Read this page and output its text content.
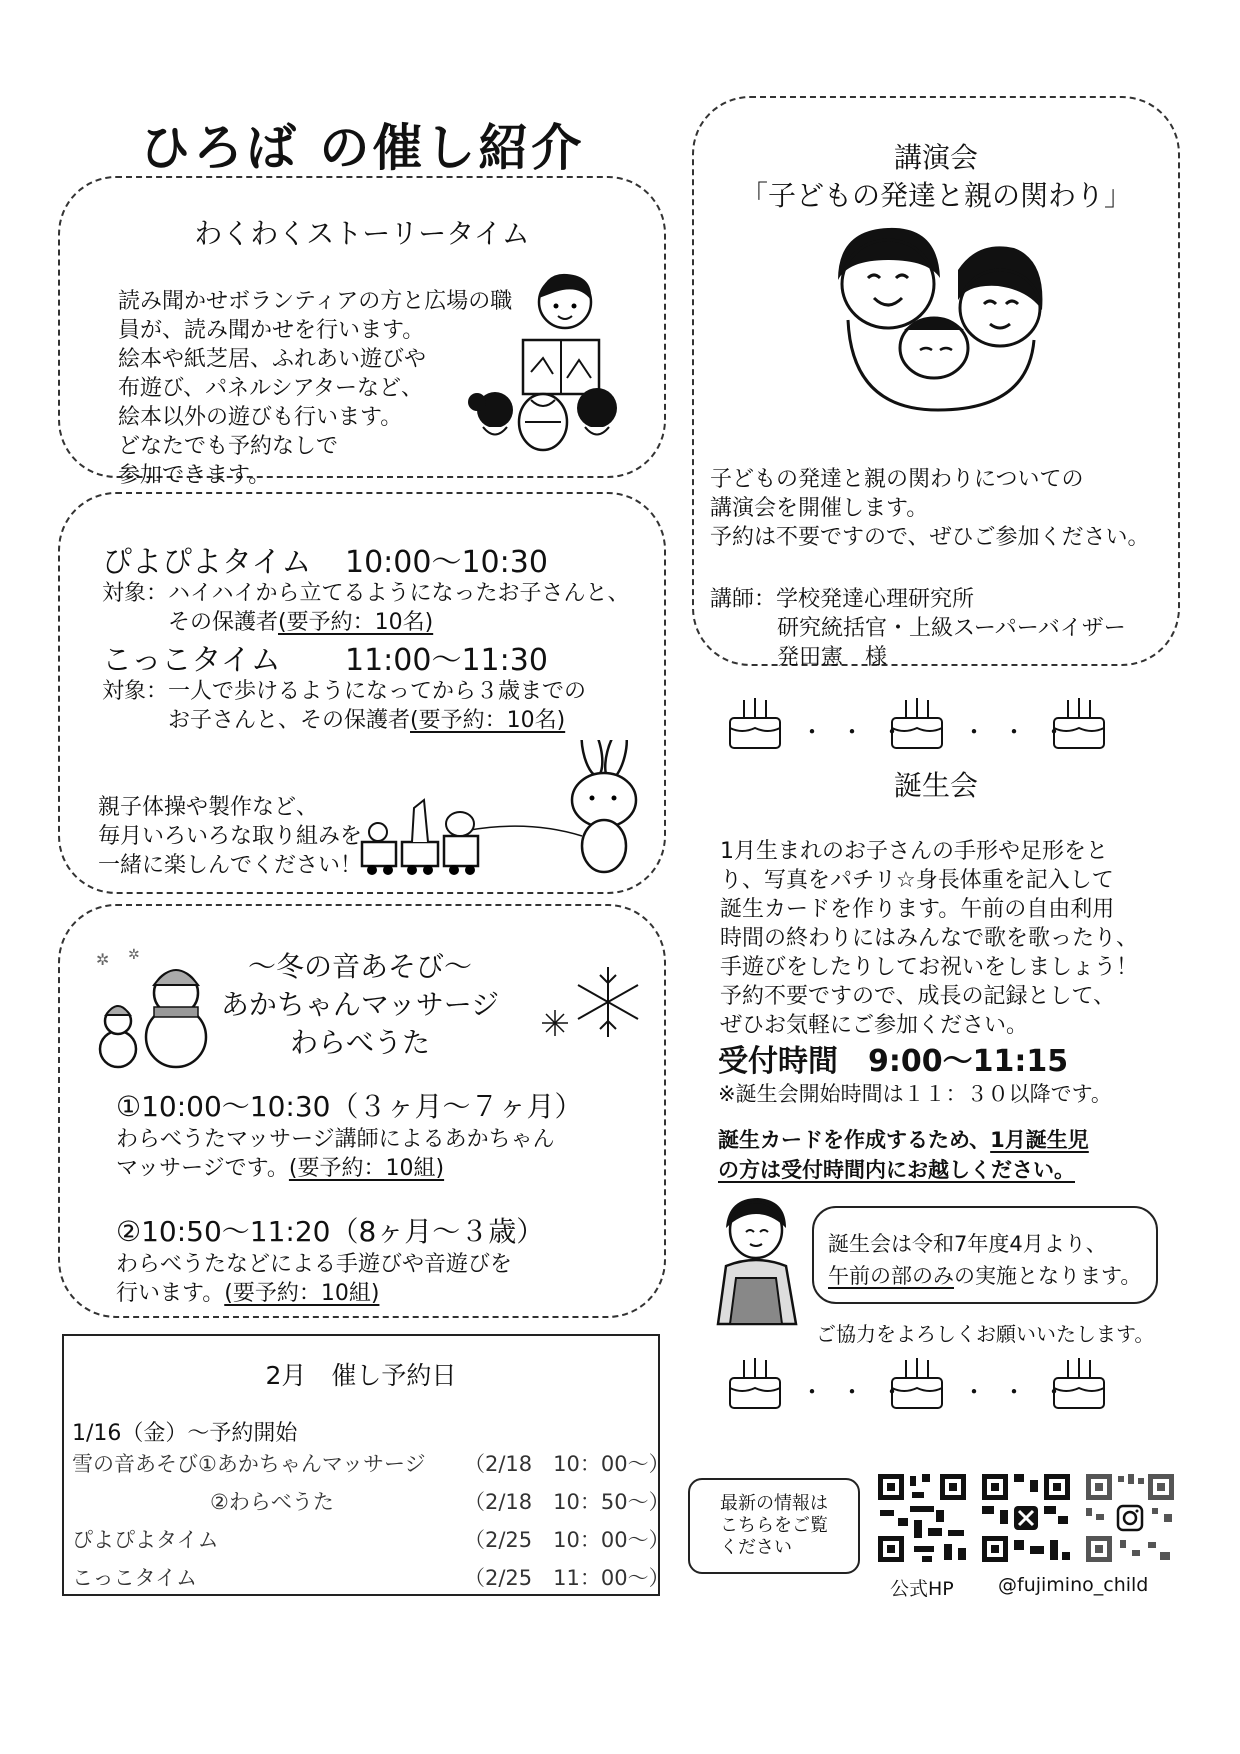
ひろば の催し紹介
わくわくストーリータイム

読み聞かせボランティアの方と広場の職
員が、読み聞かせを行います。
絵本や紙芝居、ふれあい遊びや
布遊び、パネルシアターなど、
絵本以外の遊びも行います。
どなたでも予約なしで
参加できます。

ぴよぴよタイム 10:00～10:30
対象：ハイハイから立てるようになったお子さんと、
その保護者(要予約：10名)
こっこタイム 11:00～11:30
対象：一人で歩けるようになってから３歳までの
お子さんと、その保護者(要予約：10名)

親子体操や製作など、
毎月いろいろな取り組みを
一緒に楽しんでください！

～冬の音あそび～
あかちゃんマッサージ
わらべうた
✲ ✲
①10:00～10:30（３ヶ月～７ヶ月）
わらべうたマッサージ講師によるあかちゃん
マッサージです。(要予約：10組)
②10:50～11:20（8ヶ月～３歳）
わらべうたなどによる手遊びや音遊びを
行います。(要予約：10組)
2月　催し予約日
1/16（金）～予約開始
雪の音あそび①あかちゃんマッサージ （2/18　10：00～）
②わらべうた	（2/18　10：50～）
ぴよぴよタイム	（2/25　10：00～）
こっこタイム	（2/25　11：00～）
講演会
「子どもの発達と親の関わり」

子どもの発達と親の関わりについての
講演会を開催します。
予約は不要ですので、ぜひご参加ください。

講師：学校発達心理研究所
研究統括官・上級スーパーバイザー
発田憲　様

・・・ ・・・
誕生会

1月生まれのお子さんの手形や足形をと
り、写真をパチリ☆身長体重を記入して
誕生カードを作ります。午前の自由利用
時間の終わりにはみんなで歌を歌ったり、
手遊びをしたりしてお祝いをしましょう！
予約不要ですので、成長の記録として、
ぜひお気軽にご参加ください。

受付時間　9:00～11:15
※誕生会開始時間は１１：３０以降です。
誕生カードを作成するため、1月誕生児
の方は受付時間内にお越しください。
誕生会は令和7年度4月より、
午前の部のみの実施となります。
ご協力をよろしくお願いいたします。
・・・ ・・・
最新の情報は
こちらをご覧
ください
公式HP @fujimino_child
